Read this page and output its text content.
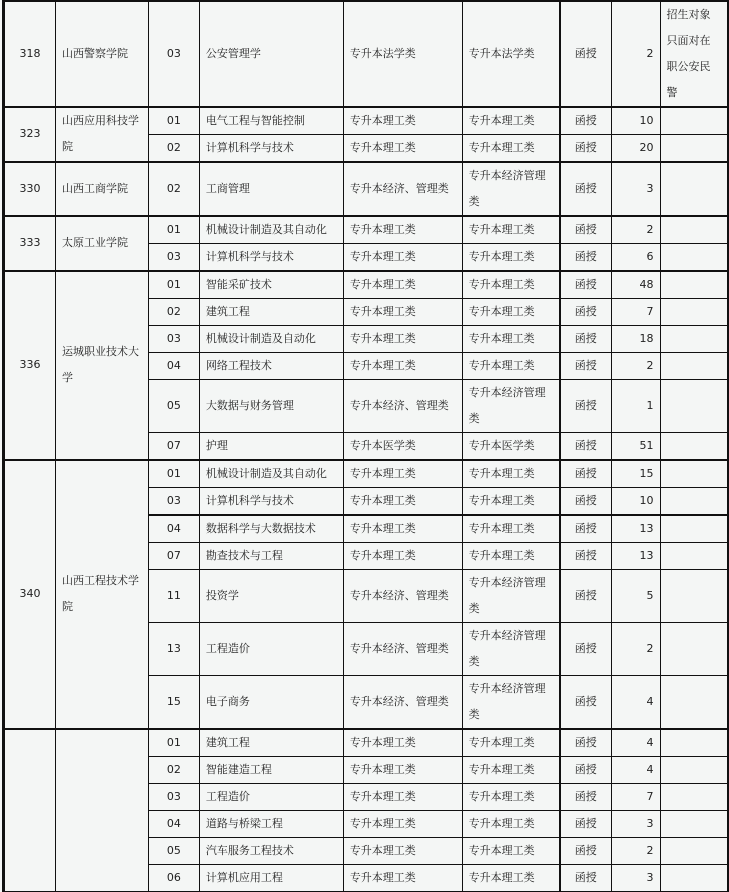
318	山西警察学院	03	公安管理学	专升本法学类	专升本法学类	函授	2	招生对象只面对在职公安民警
323	山西应用科技学院	01	电气工程与智能控制	专升本理工类	专升本理工类	函授	10	
		02	计算机科学与技术	专升本理工类	专升本理工类	函授	20	
330	山西工商学院	02	工商管理	专升本经济、管理类	专升本经济管理类	函授	3	
333	太原工业学院	01	机械设计制造及其自动化	专升本理工类	专升本理工类	函授	2	
		03	计算机科学与技术	专升本理工类	专升本理工类	函授	6	
336	运城职业技术大学	01	智能采矿技术	专升本理工类	专升本理工类	函授	48	
		02	建筑工程	专升本理工类	专升本理工类	函授	7	
		03	机械设计制造及自动化	专升本理工类	专升本理工类	函授	18	
		04	网络工程技术	专升本理工类	专升本理工类	函授	2	
		05	大数据与财务管理	专升本经济、管理类	专升本经济管理类	函授	1	
		07	护理	专升本医学类	专升本医学类	函授	51	
340	山西工程技术学院	01	机械设计制造及其自动化	专升本理工类	专升本理工类	函授	15	
		03	计算机科学与技术	专升本理工类	专升本理工类	函授	10	
		04	数据科学与大数据技术	专升本理工类	专升本理工类	函授	13	
		07	勘查技术与工程	专升本理工类	专升本理工类	函授	13	
		11	投资学	专升本经济、管理类	专升本经济管理类	函授	5	
		13	工程造价	专升本经济、管理类	专升本经济管理类	函授	2	
		15	电子商务	专升本经济、管理类	专升本经济管理类	函授	4	
		01	建筑工程	专升本理工类	专升本理工类	函授	4	
		02	智能建造工程	专升本理工类	专升本理工类	函授	4	
		03	工程造价	专升本理工类	专升本理工类	函授	7	
		04	道路与桥梁工程	专升本理工类	专升本理工类	函授	3	
		05	汽车服务工程技术	专升本理工类	专升本理工类	函授	2	
		06	计算机应用工程	专升本理工类	专升本理工类	函授	3	
